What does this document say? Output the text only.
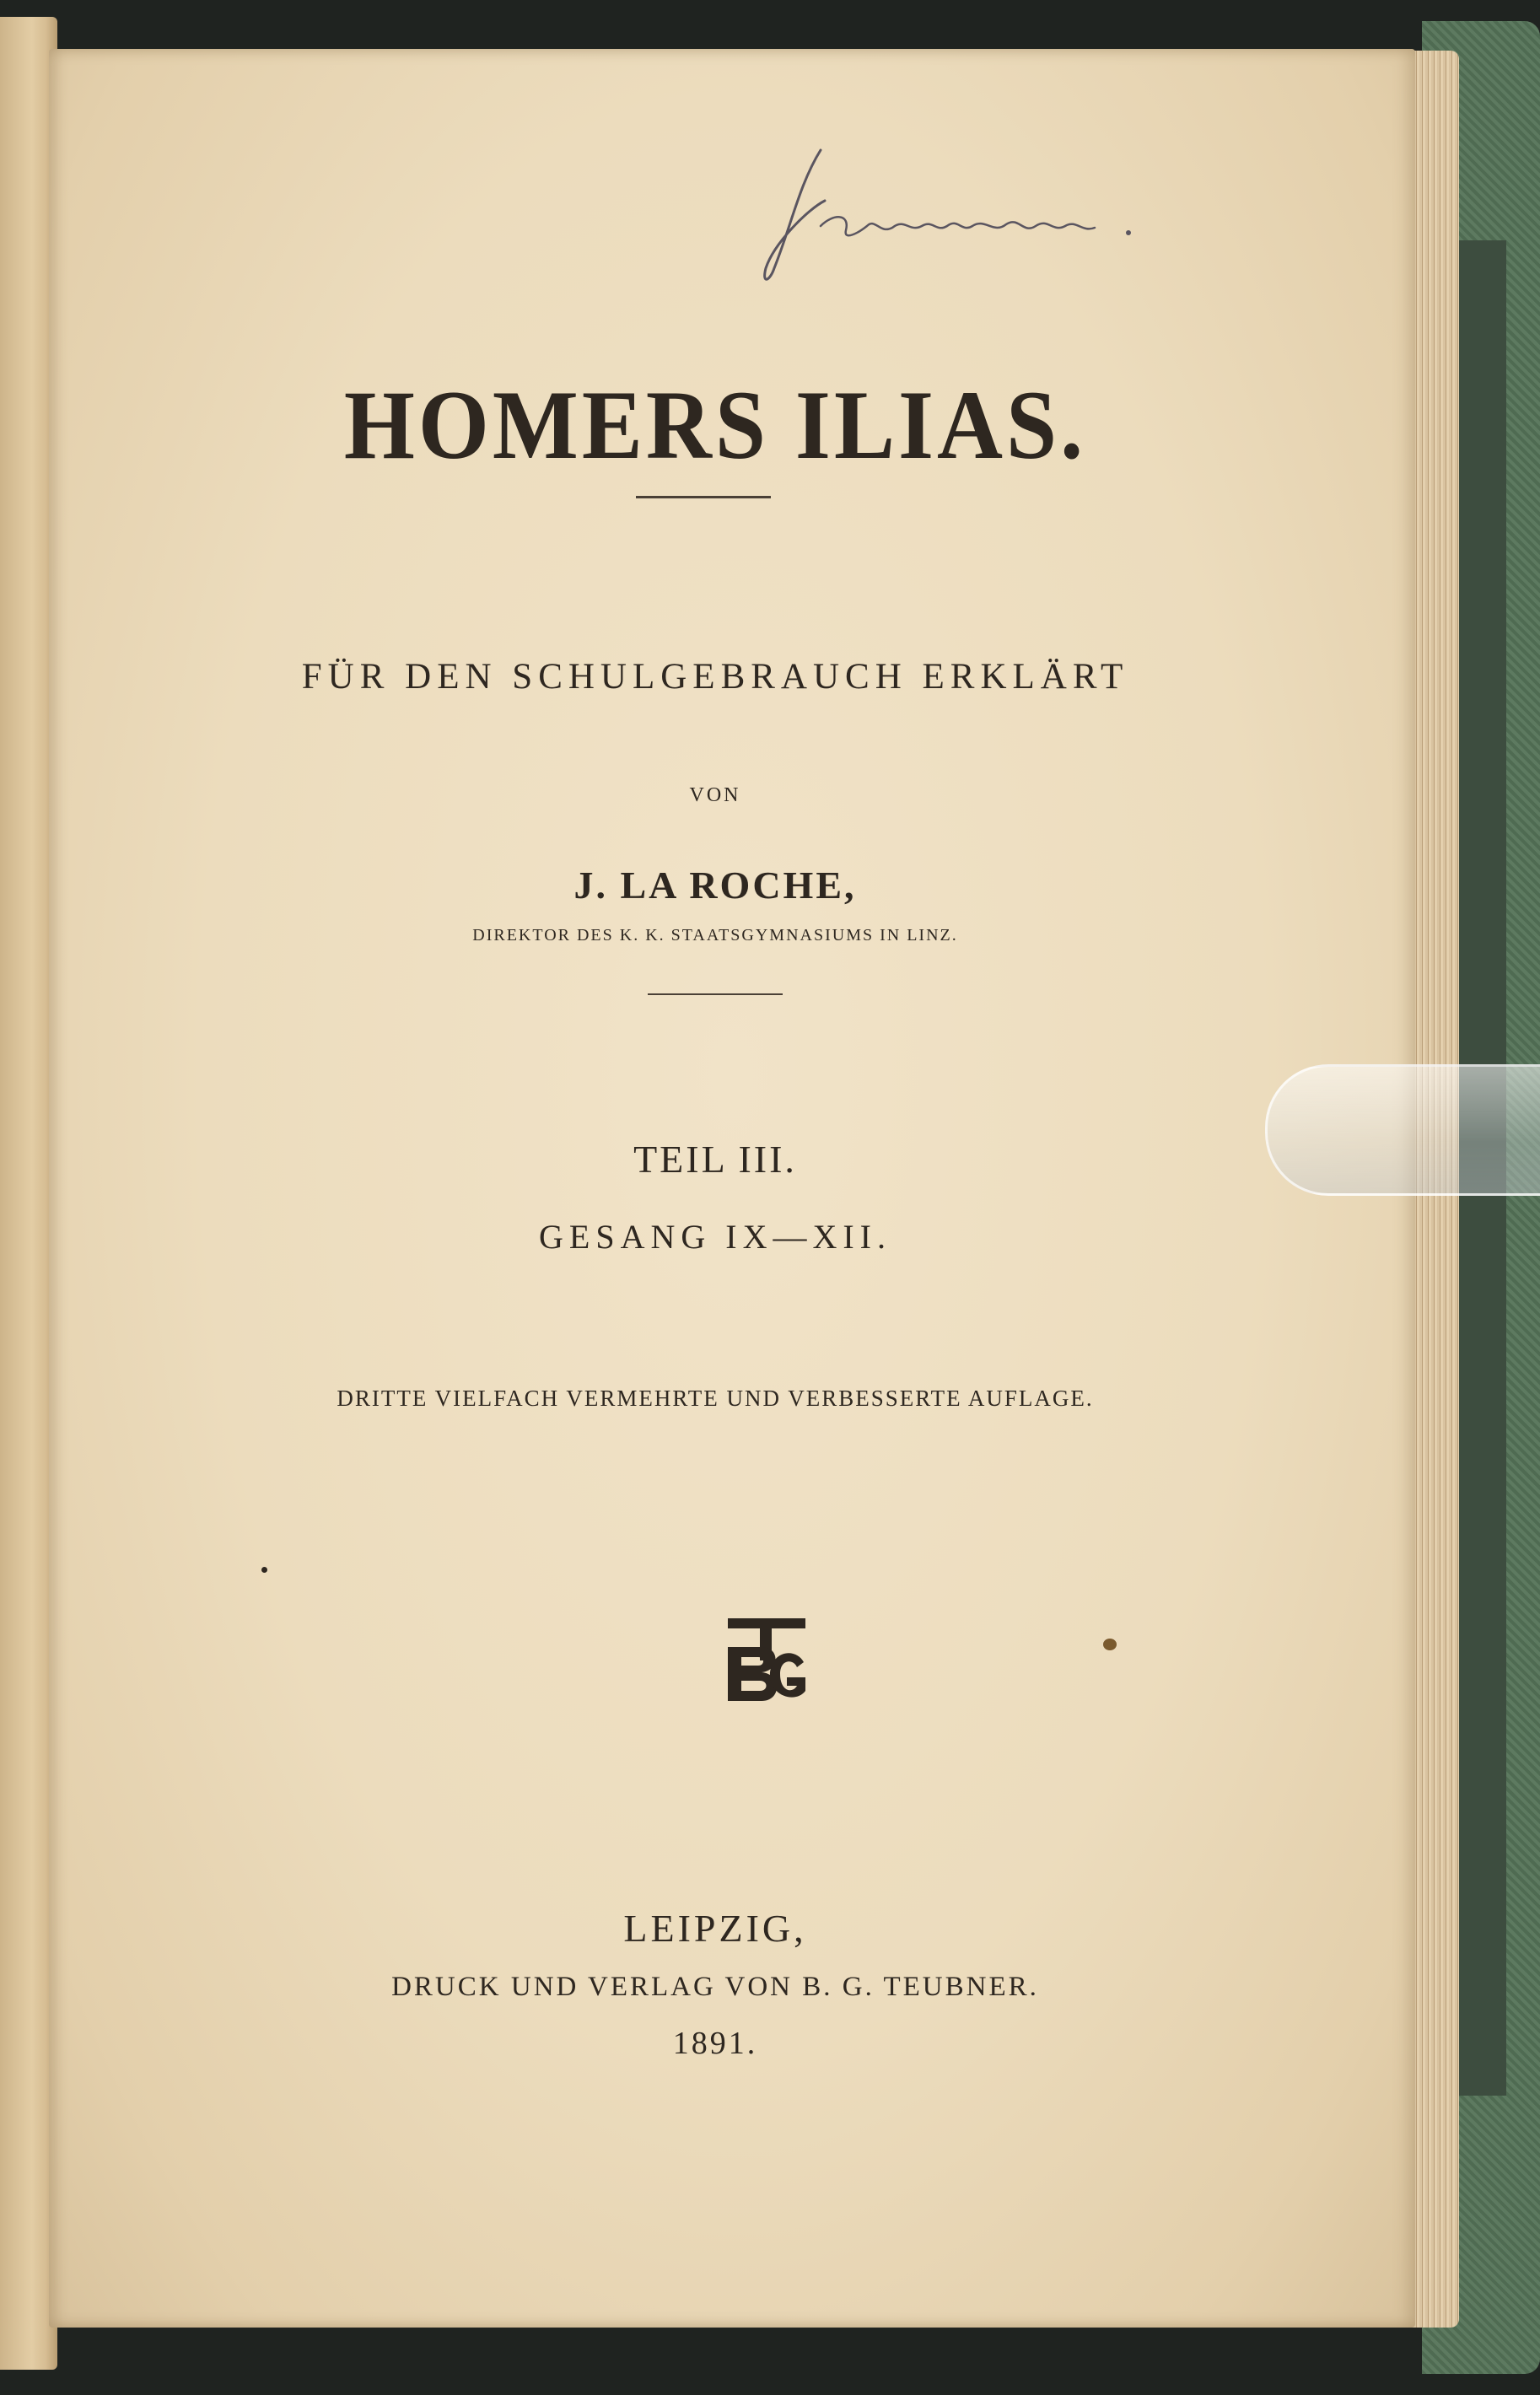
HOMERS ILIAS.
FÜR DEN SCHULGEBRAUCH ERKLÄRT
VON
J. LA ROCHE,
DIREKTOR DES K. K. STAATSGYMNASIUMS IN LINZ.
TEIL III.
GESANG IX—XII.
DRITTE VIELFACH VERMEHRTE UND VERBESSERTE AUFLAGE.
LEIPZIG,
DRUCK UND VERLAG VON B. G. TEUBNER.
1891.
